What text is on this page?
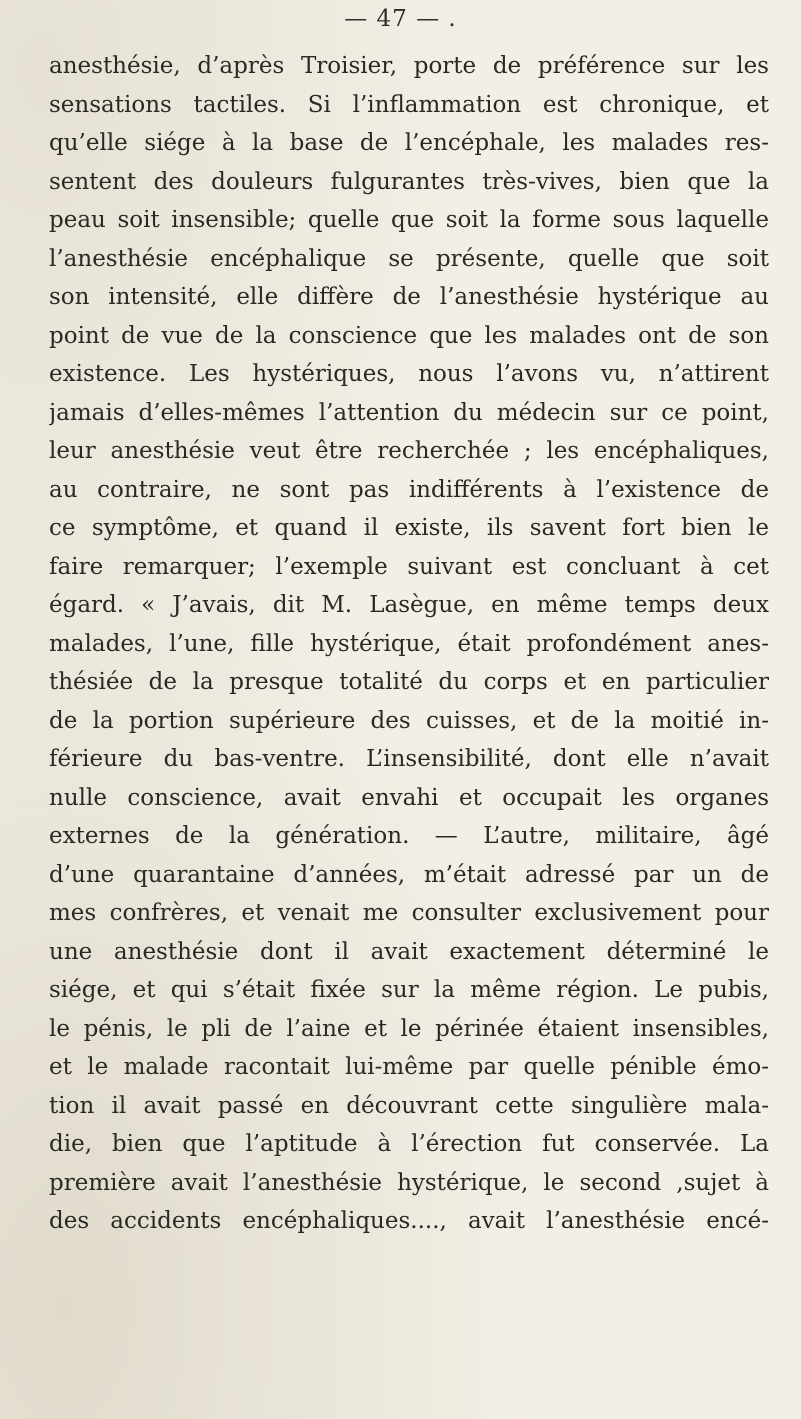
— 47 — .
anesthésie, d’après Troisier, porte de préférence sur les
sensations tactiles. Si l’inflammation est chronique, et
qu’elle siége à la base de l’encéphale, les malades res-
sentent des douleurs fulgurantes très-vives, bien que la
peau soit insensible; quelle que soit la forme sous laquelle
l’anesthésie encéphalique se présente, quelle que soit
son intensité, elle diffère de l’anesthésie hystérique au
point de vue de la conscience que les malades ont de son
existence. Les hystériques, nous l’avons vu, n’attirent
jamais d’elles-mêmes l’attention du médecin sur ce point,
leur anesthésie veut être recherchée ; les encéphaliques,
au contraire, ne sont pas indifférents à l’existence de
ce symptôme, et quand il existe, ils savent fort bien le
faire remarquer; l’exemple suivant est concluant à cet
égard. « J’avais, dit M. Lasègue, en même temps deux
malades, l’une, fille hystérique, était profondément anes-
thésiée de la presque totalité du corps et en particulier
de la portion supérieure des cuisses, et de la moitié in-
férieure du bas-ventre. L’insensibilité, dont elle n’avait
nulle conscience, avait envahi et occupait les organes
externes de la génération. — L’autre, militaire, âgé
d’une quarantaine d’années, m’était adressé par un de
mes confrères, et venait me consulter exclusivement pour
une anesthésie dont il avait exactement déterminé le
siége, et qui s’était fixée sur la même région. Le pubis,
le pénis, le pli de l’aine et le périnée étaient insensibles,
et le malade racontait lui-même par quelle pénible émo-
tion il avait passé en découvrant cette singulière mala-
die, bien que l’aptitude à l’érection fut conservée. La
première avait l’anesthésie hystérique, le second ,sujet à
des accidents encéphaliques...., avait l’anesthésie encé-
